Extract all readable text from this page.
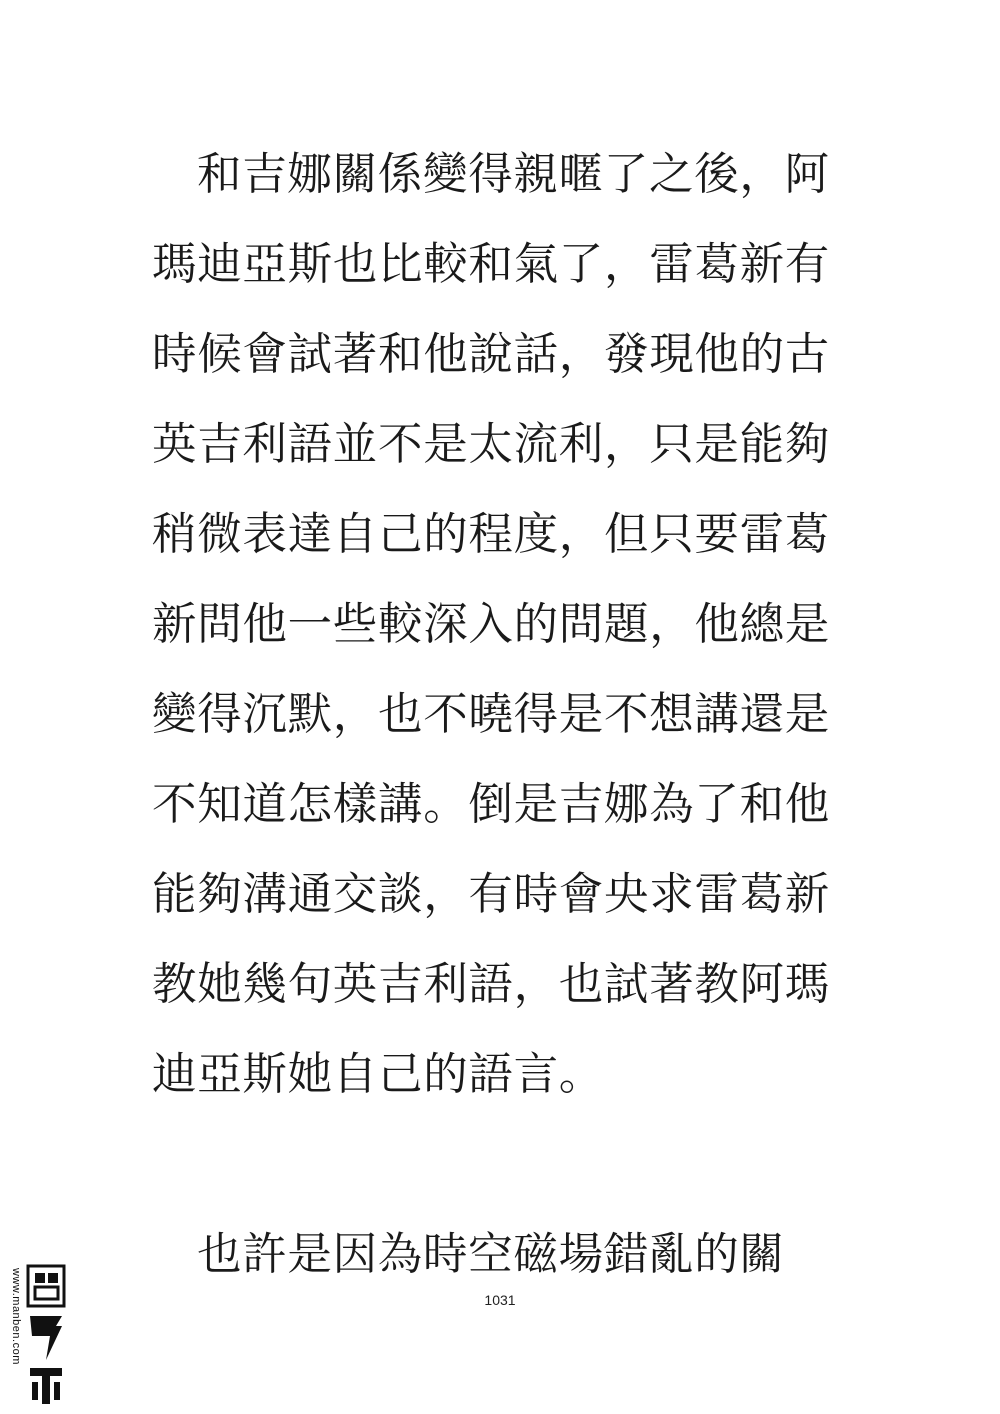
和吉娜關係變得親暱了之後，阿
瑪迪亞斯也比較和氣了，雷葛新有
時候會試著和他說話，發現他的古
英吉利語並不是太流利，只是能夠
稍微表達自己的程度，但只要雷葛
新問他一些較深入的問題，他總是
變得沉默，也不曉得是不想講還是
不知道怎樣講。倒是吉娜為了和他
能夠溝通交談，有時會央求雷葛新
教她幾句英吉利語，也試著教阿瑪
迪亞斯她自己的語言。
也許是因為時空磁場錯亂的關
1031
www.manben.com
